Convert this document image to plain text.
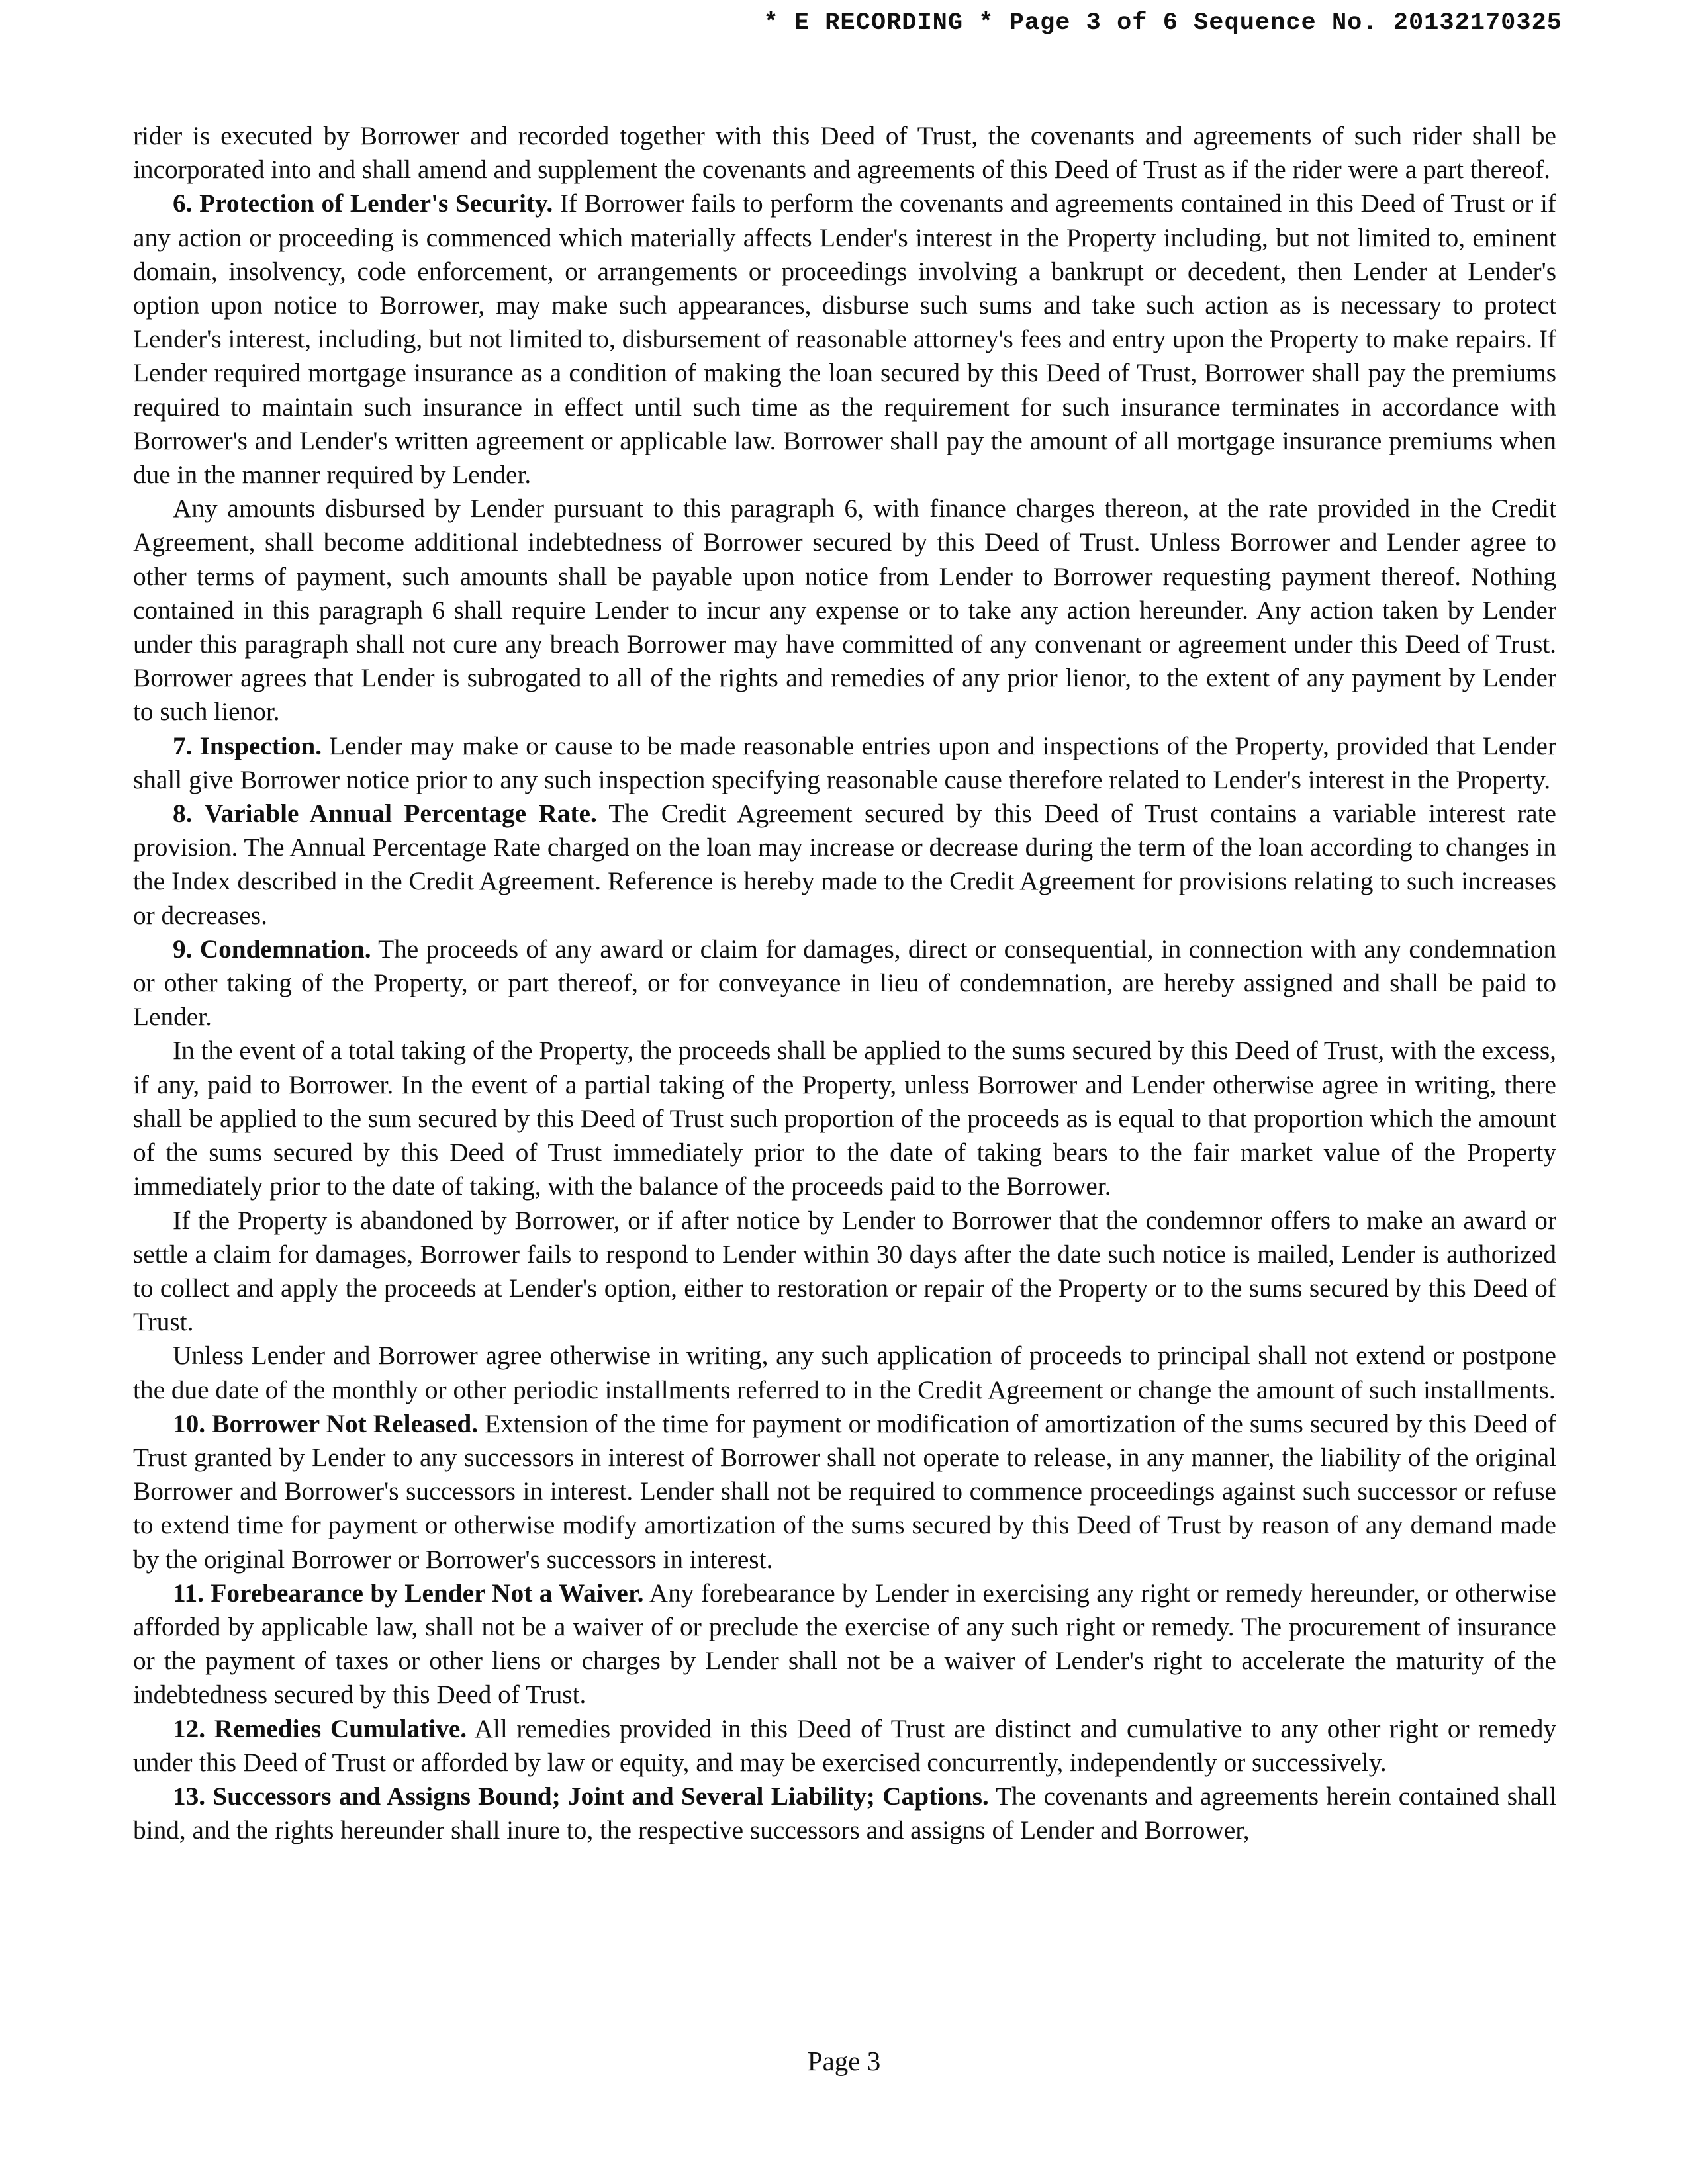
* E RECORDING * Page 3 of 6 Sequence No. 20132170325

rider is executed by Borrower and recorded together with this Deed of Trust, the covenants and agreements of such rider shall be incorporated into and shall amend and supplement the covenants and agreements of this Deed of Trust as if the rider were a part thereof.

6. Protection of Lender's Security. If Borrower fails to perform the covenants and agreements contained in this Deed of Trust or if any action or proceeding is commenced which materially affects Lender's interest in the Property including, but not limited to, eminent domain, insolvency, code enforcement, or arrangements or proceedings involving a bankrupt or decedent, then Lender at Lender's option upon notice to Borrower, may make such appearances, disburse such sums and take such action as is necessary to protect Lender's interest, including, but not limited to, disbursement of reasonable attorney's fees and entry upon the Property to make repairs. If Lender required mortgage insurance as a condition of making the loan secured by this Deed of Trust, Borrower shall pay the premiums required to maintain such insurance in effect until such time as the requirement for such insurance terminates in accordance with Borrower's and Lender's written agreement or applicable law. Borrower shall pay the amount of all mortgage insurance premiums when due in the manner required by Lender.

Any amounts disbursed by Lender pursuant to this paragraph 6, with finance charges thereon, at the rate provided in the Credit Agreement, shall become additional indebtedness of Borrower secured by this Deed of Trust. Unless Borrower and Lender agree to other terms of payment, such amounts shall be payable upon notice from Lender to Borrower requesting payment thereof. Nothing contained in this paragraph 6 shall require Lender to incur any expense or to take any action hereunder. Any action taken by Lender under this paragraph shall not cure any breach Borrower may have committed of any convenant or agreement under this Deed of Trust. Borrower agrees that Lender is subrogated to all of the rights and remedies of any prior lienor, to the extent of any payment by Lender to such lienor.

7. Inspection. Lender may make or cause to be made reasonable entries upon and inspections of the Property, provided that Lender shall give Borrower notice prior to any such inspection specifying reasonable cause therefore related to Lender's interest in the Property.

8. Variable Annual Percentage Rate. The Credit Agreement secured by this Deed of Trust contains a variable interest rate provision. The Annual Percentage Rate charged on the loan may increase or decrease during the term of the loan according to changes in the Index described in the Credit Agreement. Reference is hereby made to the Credit Agreement for provisions relating to such increases or decreases.

9. Condemnation. The proceeds of any award or claim for damages, direct or consequential, in connection with any condemnation or other taking of the Property, or part thereof, or for conveyance in lieu of condemnation, are hereby assigned and shall be paid to Lender.

In the event of a total taking of the Property, the proceeds shall be applied to the sums secured by this Deed of Trust, with the excess, if any, paid to Borrower. In the event of a partial taking of the Property, unless Borrower and Lender otherwise agree in writing, there shall be applied to the sum secured by this Deed of Trust such proportion of the proceeds as is equal to that proportion which the amount of the sums secured by this Deed of Trust immediately prior to the date of taking bears to the fair market value of the Property immediately prior to the date of taking, with the balance of the proceeds paid to the Borrower.

If the Property is abandoned by Borrower, or if after notice by Lender to Borrower that the condemnor offers to make an award or settle a claim for damages, Borrower fails to respond to Lender within 30 days after the date such notice is mailed, Lender is authorized to collect and apply the proceeds at Lender's option, either to restoration or repair of the Property or to the sums secured by this Deed of Trust.

Unless Lender and Borrower agree otherwise in writing, any such application of proceeds to principal shall not extend or postpone the due date of the monthly or other periodic installments referred to in the Credit Agreement or change the amount of such installments.

10. Borrower Not Released. Extension of the time for payment or modification of amortization of the sums secured by this Deed of Trust granted by Lender to any successors in interest of Borrower shall not operate to release, in any manner, the liability of the original Borrower and Borrower's successors in interest. Lender shall not be required to commence proceedings against such successor or refuse to extend time for payment or otherwise modify amortization of the sums secured by this Deed of Trust by reason of any demand made by the original Borrower or Borrower's successors in interest.

11. Forebearance by Lender Not a Waiver. Any forebearance by Lender in exercising any right or remedy hereunder, or otherwise afforded by applicable law, shall not be a waiver of or preclude the exercise of any such right or remedy. The procurement of insurance or the payment of taxes or other liens or charges by Lender shall not be a waiver of Lender's right to accelerate the maturity of the indebtedness secured by this Deed of Trust.

12. Remedies Cumulative. All remedies provided in this Deed of Trust are distinct and cumulative to any other right or remedy under this Deed of Trust or afforded by law or equity, and may be exercised concurrently, independently or successively.

13. Successors and Assigns Bound; Joint and Several Liability; Captions. The covenants and agreements herein contained shall bind, and the rights hereunder shall inure to, the respective successors and assigns of Lender and Borrower,

Page 3
